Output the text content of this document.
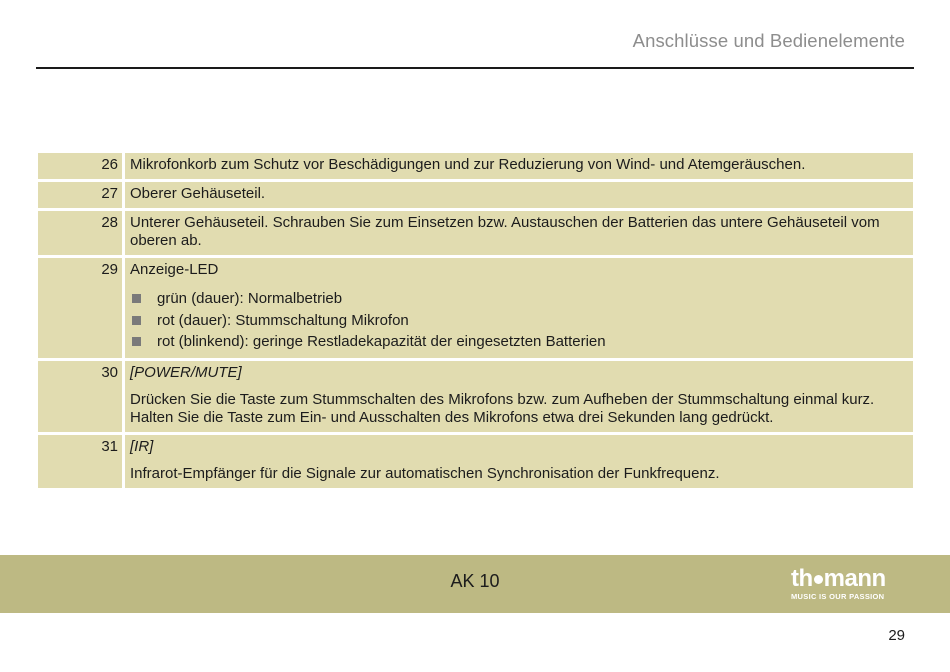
Anschlüsse und Bedienelemente
26 Mikrofonkorb zum Schutz vor Beschädigungen und zur Reduzierung von Wind- und Atemgeräuschen.

27 Oberer Gehäuseteil.

28 Unterer Gehäuseteil. Schrauben Sie zum Einsetzen bzw. Austauschen der Batterien das untere Gehäuseteil vom oberen ab.

29 Anzeige-LED

grün (dauer): Normalbetrieb
rot (dauer): Stummschaltung Mikrofon
rot (blinkend): geringe Restladekapazität der eingesetzten Batterien
30 [POWER/MUTE]

Drücken Sie die Taste zum Stummschalten des Mikrofons bzw. zum Aufheben der Stummschaltung einmal kurz. Halten Sie die Taste zum Ein- und Ausschalten des Mikrofons etwa drei Sekunden lang gedrückt.

31 [IR]

Infrarot-Empfänger für die Signale zur automatischen Synchronisation der Funkfrequenz.

AK 10	th mann
MUSIC IS OUR PASSION
29
